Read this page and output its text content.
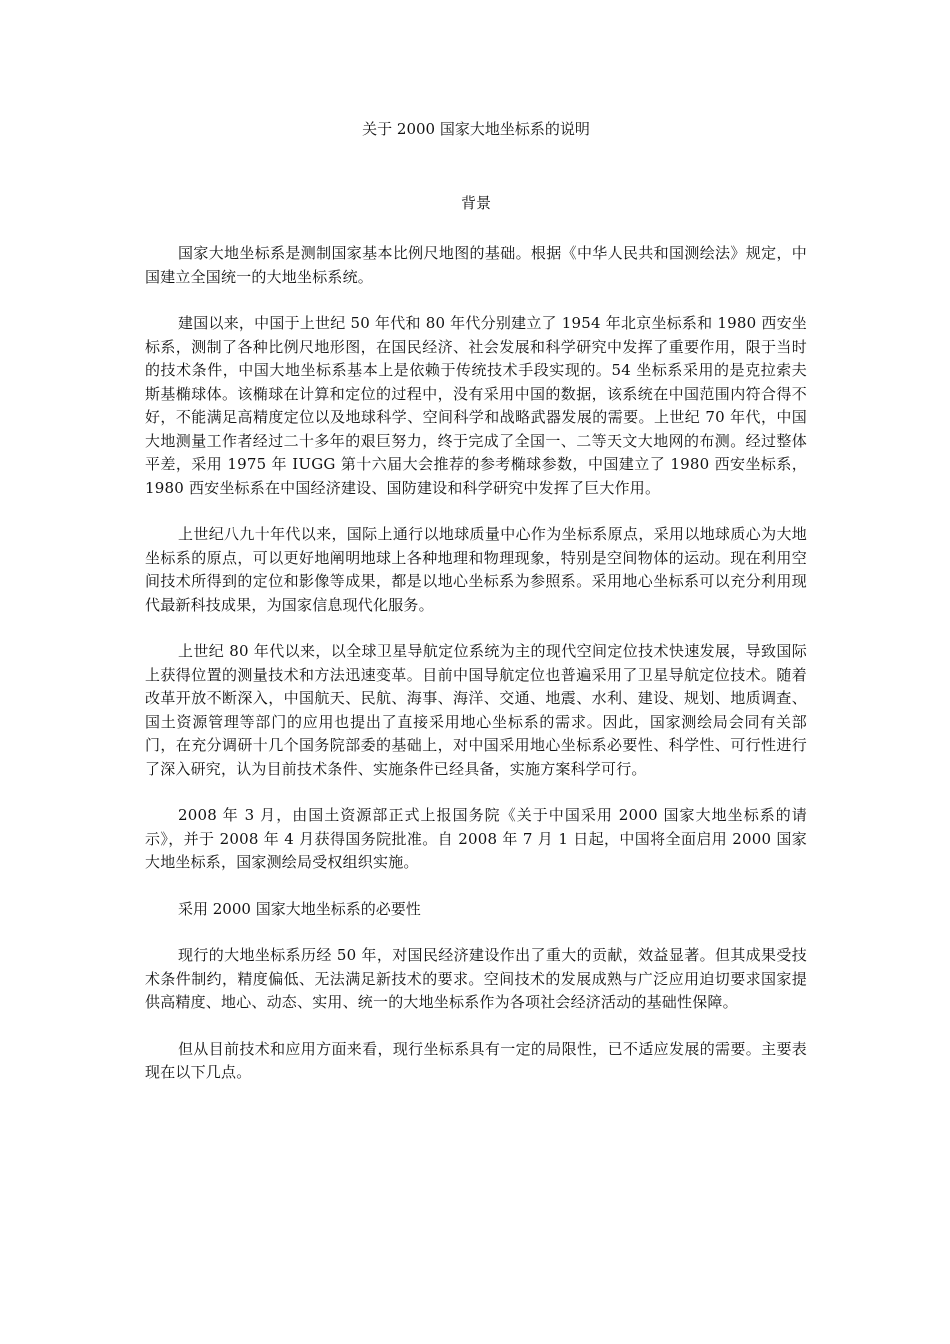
关于 2000 国家大地坐标系的说明
背景

国家大地坐标系是测制国家基本比例尺地图的基础。根据《中华人民共和国测绘法》规定，中国建立全国统一的大地坐标系统。

建国以来，中国于上世纪 50 年代和 80 年代分别建立了 1954 年北京坐标系和 1980 西安坐标系，测制了各种比例尺地形图，在国民经济、社会发展和科学研究中发挥了重要作用，限于当时的技术条件，中国大地坐标系基本上是依赖于传统技术手段实现的。54 坐标系采用的是克拉索夫斯基椭球体。该椭球在计算和定位的过程中，没有采用中国的数据，该系统在中国范围内符合得不好，不能满足高精度定位以及地球科学、空间科学和战略武器发展的需要。上世纪 70 年代，中国大地测量工作者经过二十多年的艰巨努力，终于完成了全国一、二等天文大地网的布测。经过整体平差，采用 1975 年 IUGG 第十六届大会推荐的参考椭球参数，中国建立了 1980 西安坐标系，1980 西安坐标系在中国经济建设、国防建设和科学研究中发挥了巨大作用。

上世纪八九十年代以来，国际上通行以地球质量中心作为坐标系原点，采用以地球质心为大地坐标系的原点，可以更好地阐明地球上各种地理和物理现象，特别是空间物体的运动。现在利用空间技术所得到的定位和影像等成果，都是以地心坐标系为参照系。采用地心坐标系可以充分利用现代最新科技成果，为国家信息现代化服务。

上世纪 80 年代以来，以全球卫星导航定位系统为主的现代空间定位技术快速发展，导致国际上获得位置的测量技术和方法迅速变革。目前中国导航定位也普遍采用了卫星导航定位技术。随着改革开放不断深入，中国航天、民航、海事、海洋、交通、地震、水利、建设、规划、地质调查、国土资源管理等部门的应用也提出了直接采用地心坐标系的需求。因此，国家测绘局会同有关部门，在充分调研十几个国务院部委的基础上，对中国采用地心坐标系必要性、科学性、可行性进行了深入研究，认为目前技术条件、实施条件已经具备，实施方案科学可行。

2008 年 3 月，由国土资源部正式上报国务院《关于中国采用 2000 国家大地坐标系的请示》，并于 2008 年 4 月获得国务院批准。自 2008 年 7 月 1 日起，中国将全面启用 2000 国家大地坐标系，国家测绘局受权组织实施。

采用 2000 国家大地坐标系的必要性

现行的大地坐标系历经 50 年，对国民经济建设作出了重大的贡献，效益显著。但其成果受技术条件制约，精度偏低、无法满足新技术的要求。空间技术的发展成熟与广泛应用迫切要求国家提供高精度、地心、动态、实用、统一的大地坐标系作为各项社会经济活动的基础性保障。

但从目前技术和应用方面来看，现行坐标系具有一定的局限性，已不适应发展的需要。主要表现在以下几点。
